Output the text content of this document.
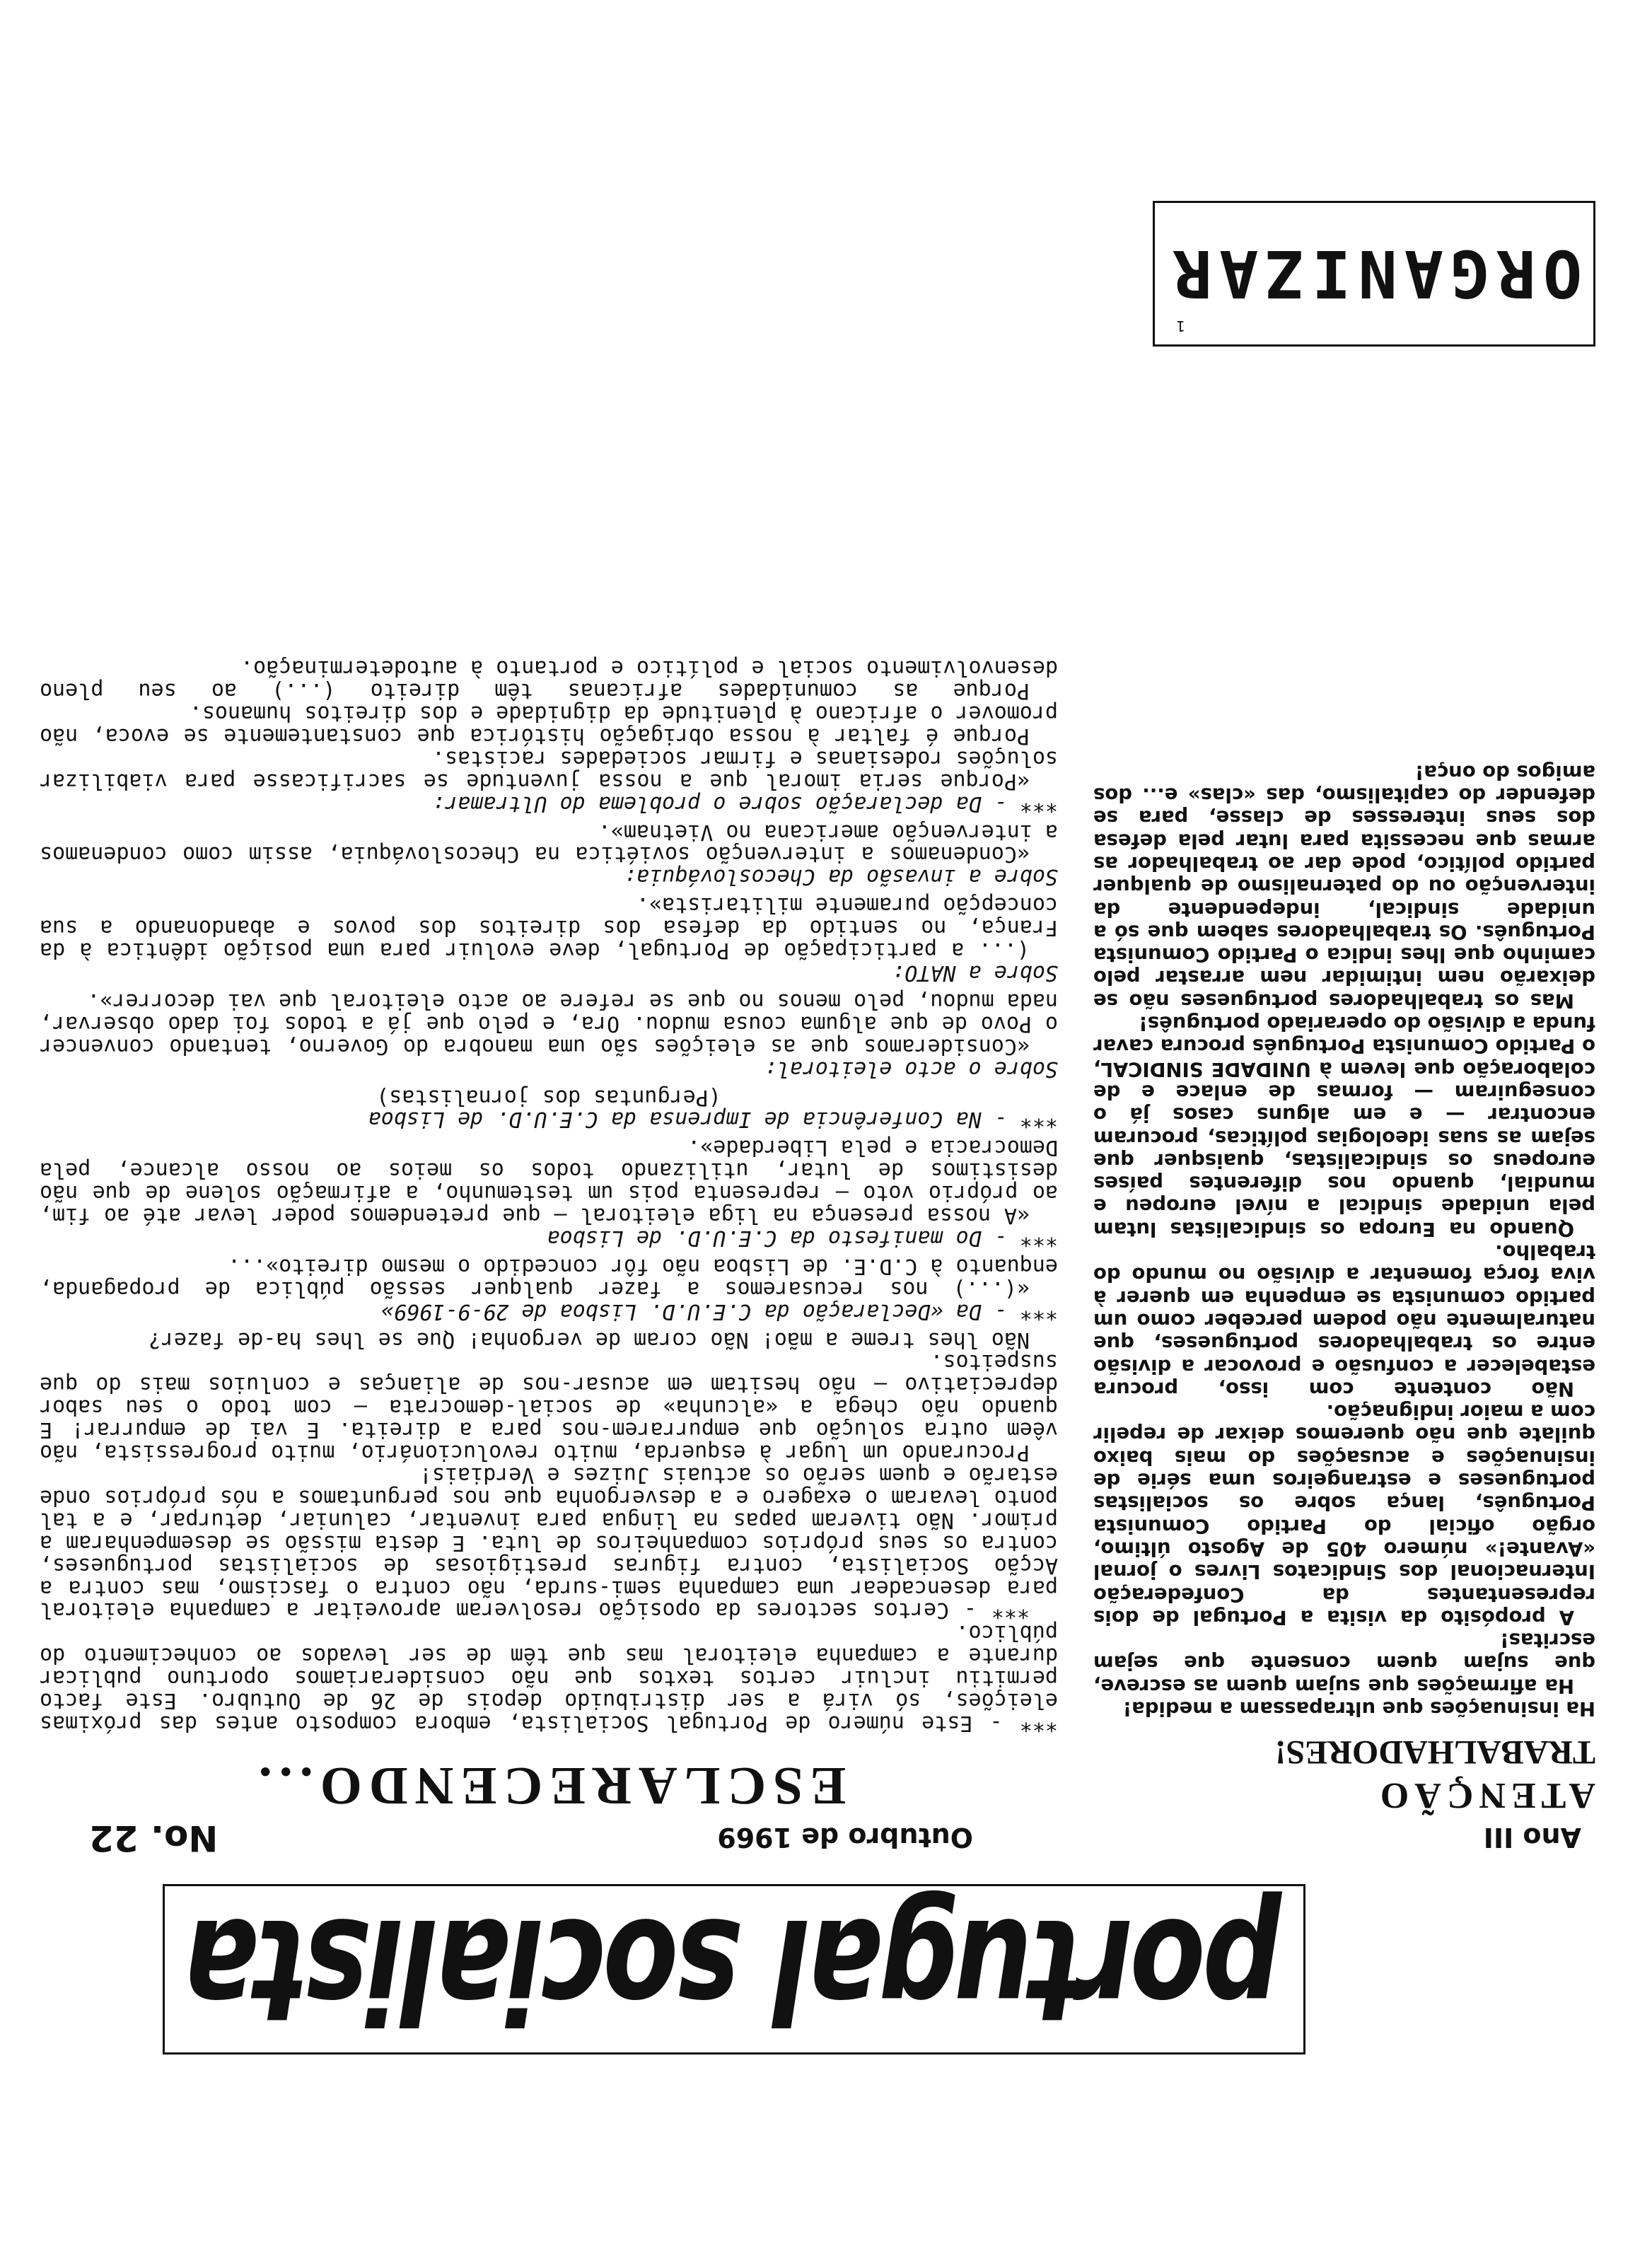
portugal socialista
Ano III
Outubro de 1969
No. 22
ATENÇÃO
TRABALHADORES!

Ha insinuações que ultrapassam a medida!

Ha afirmações que sujam quem as escreve, que sujam quem consente que sejam escritas!

A propósito da visita a Portugal de dois representantes da Confederação Internacional dos Sindicatos Livres o jornal «Avante!» número 405 de Agosto último, orgão oficial do Partido Comunista Português, lança sobre os socialistas portugueses e estrangeiros uma série de insinuações e acusações do mais baixo quilate que não queremos deixar de repelir com a maior indignação.

Não contente com isso, procura estabelecer a confusão e provocar a divisão entre os trabalhadores portugueses, que naturalmente não podem perceber como um partido comunista se empenha em querer à viva força fomentar a divisão no mundo do trabalho.

Quando na Europa os sindicalistas lutam pela unidade sindical a nível europeu e mundial, quando nos diferentes países europeus os sindicalistas, quaisquer que sejam as suas ideologias políticas, procuram encontrar — e em alguns casos já o conseguiram — formas de enlace e de colaboração que levem à UNIDADE SINDICAL, o Partido Comunista Português procura cavar funda a divisão do operariado português!

Mas os trabalhadores portugueses não se deixarão nem intimidar nem arrastar pelo caminho que lhes indica o Partido Comunista Português. Os trabalhadores sabem que só a unidade sindical, independente da intervenção ou do paternalismo de qualquer partido político, pode dar ao trabalhador as armas que necessita para lutar pela defesa dos seus interesses de classe, para se defender do capitalismo, das «clas» e... dos amigos do onça!

1
ORGANIZAR
ESCLARECENDO...

*** - Este número de Portugal Socialista, embora composto antes das próximas eleições, só virá a ser distribuido depois de 26 de Outubro. Este facto permitiu incluir certos textos que não considerariamos oportuno publicar durante a campanha eleitoral mas que têm de ser levados ao conhecimento do público.

*** - Certos sectores da oposição resolveram aproveitar a campanha eleitoral para desencadear uma campanha semi-surda, não contra o fascismo, mas contra a Acção Socialista, contra figuras prestigiosas de socialistas portugueses, contra os seus próprios companheiros de luta. E desta missão se desempenharam a primor. Não tiveram papas na lingua para inventar, caluniar, deturpar, e a tal ponto levaram o exagero e a desvergonha que nos perguntamos a nós próprios onde estarão e quem serão os actuais Juizes e Verdiais!

Procurando um lugar à esquerda, muito revolucionário, muito progressista, não vêem outra solução que empurrarem-nos para a direita. E vai de empurrar! E quando não chega a «alcunha» de social-democrata — com todo o seu sabor depreciativo — não hesitam em acusar-nos de alianças e conluios mais do que suspeitos.

Não lhes treme a mão! Não coram de vergonha! Que se lhes ha-de fazer?

*** - Da «Declaração da C.E.U.D. Lisboa de 29-9-1969»

«(...) nos recusaremos a fazer qualquer sessão pública de propaganda, enquanto à C.D.E. de Lisboa não fôr concedido o mesmo direito»...

*** - Do manifesto da C.E.U.D. de Lisboa

«A nossa presença na liga eleitoral — que pretendemos poder levar até ao fim, ao próprio voto — representa pois um testemunho, a afirmação solene de que não desistimos de lutar, utilizando todos os meios ao nosso alcance, pela Democracia e pela Liberdade».

*** - Na Conferência de Imprensa da C.E.U.D. de Lisboa

(Perguntas dos jornalistas)

Sobre o acto eleitoral:

«Consideramos que as eleições são uma manobra do Governo, tentando convencer o Povo de que alguma cousa mudou. Ora, e pelo que já a todos foi dado observar, nada mudou, pelo menos no que se refere ao acto eleitoral que vai decorrer».

Sobre a NATO:

(... a participação de Portugal, deve evoluir para uma posição idêntica à da França, no sentido da defesa dos direitos dos povos e abandonando a sua concepção puramente militarista».

Sobre a invasão da Checoslováquia:

«Condenamos a intervenção soviética na Checoslováquia, assim como condenamos a intervenção americana no Vietnam».

*** - Da declaração sobre o problema do Ultramar:

«Porque seria imoral que a nossa juventude se sacrificasse para viabilizar soluções rodesianas e firmar sociedades racistas.

Porque é faltar à nossa obrigação histórica que constantemente se evoca, não promover o africano à plenitude da dignidade e dos direitos humanos.

Porque as comunidades africanas têm direito (...) ao seu pleno desenvolvimento social e político e portanto à autodeterminação.
